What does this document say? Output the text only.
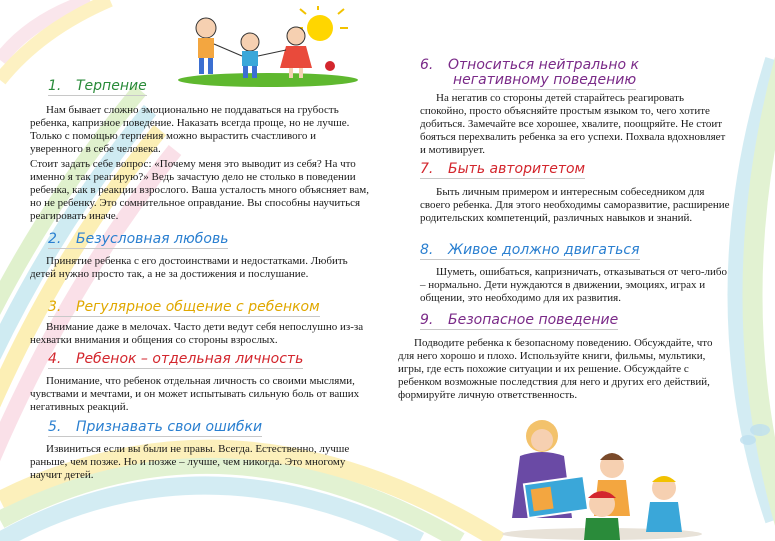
1. Терпение
Нам бывает сложно эмоционально не поддаваться на грубость ребенка, капризное поведение. Наказать всегда проще, но не лучше. Только с помощью терпения можно вырастить счастливого и уверенного в себе человека.
Стоит задать себе вопрос: «Почему меня это выводит из себя? На что именно я так реагирую?» Ведь зачастую дело не столько в поведении ребенка, как в реакции взрослого. Ваша усталость много объясняет вам, но не ребенку. Это сомнительное оправдание. Вы способны научиться реагировать иначе.
2. Безусловная любовь
Принятие ребенка с его достоинствами и недостатками. Любить детей нужно просто так, а не за достижения и послушание.
3. Регулярное общение с ребенком
Внимание даже в мелочах. Часто дети ведут себя непослушно из-за нехватки внимания и общения со стороны взрослых.
4. Ребенок – отдельная личность
Понимание, что ребенок отдельная личность со своими мыслями, чувствами и мечтами, и он может испытывать сильную боль от ваших негативных реакций.
5. Признавать свои ошибки
Извиниться если вы были не правы. Всегда. Естественно, лучше раньше, чем позже. Но и позже – лучше, чем никогда. Это многому научит детей.
6. Относиться нейтрально к
негативному поведению
На негатив со стороны детей старайтесь реагировать спокойно, просто объясняйте простым языком то, чего хотите добиться. Замечайте все хорошее, хвалите, поощряйте. Не стоит бояться перехвалить ребенка за его успехи. Похвала вдохновляет и мотивирует.
7. Быть авторитетом
Быть личным примером и интересным собеседником для своего ребенка. Для этого необходимы саморазвитие, расширение родительских компетенций, различных навыков и знаний.
8. Живое должно двигаться
Шуметь, ошибаться, капризничать, отказываться от чего-либо – нормально. Дети нуждаются в движении, эмоциях, играх и общении, это необходимо для их развития.
9. Безопасное поведение
Подводите ребенка к безопасному поведению. Обсуждайте, что для него хорошо и плохо. Используйте книги, фильмы, мультики, игры, где есть похожие ситуации и их решение. Обсуждайте с ребенком возможные последствия для него и других его действий, формируйте личную ответственность.
